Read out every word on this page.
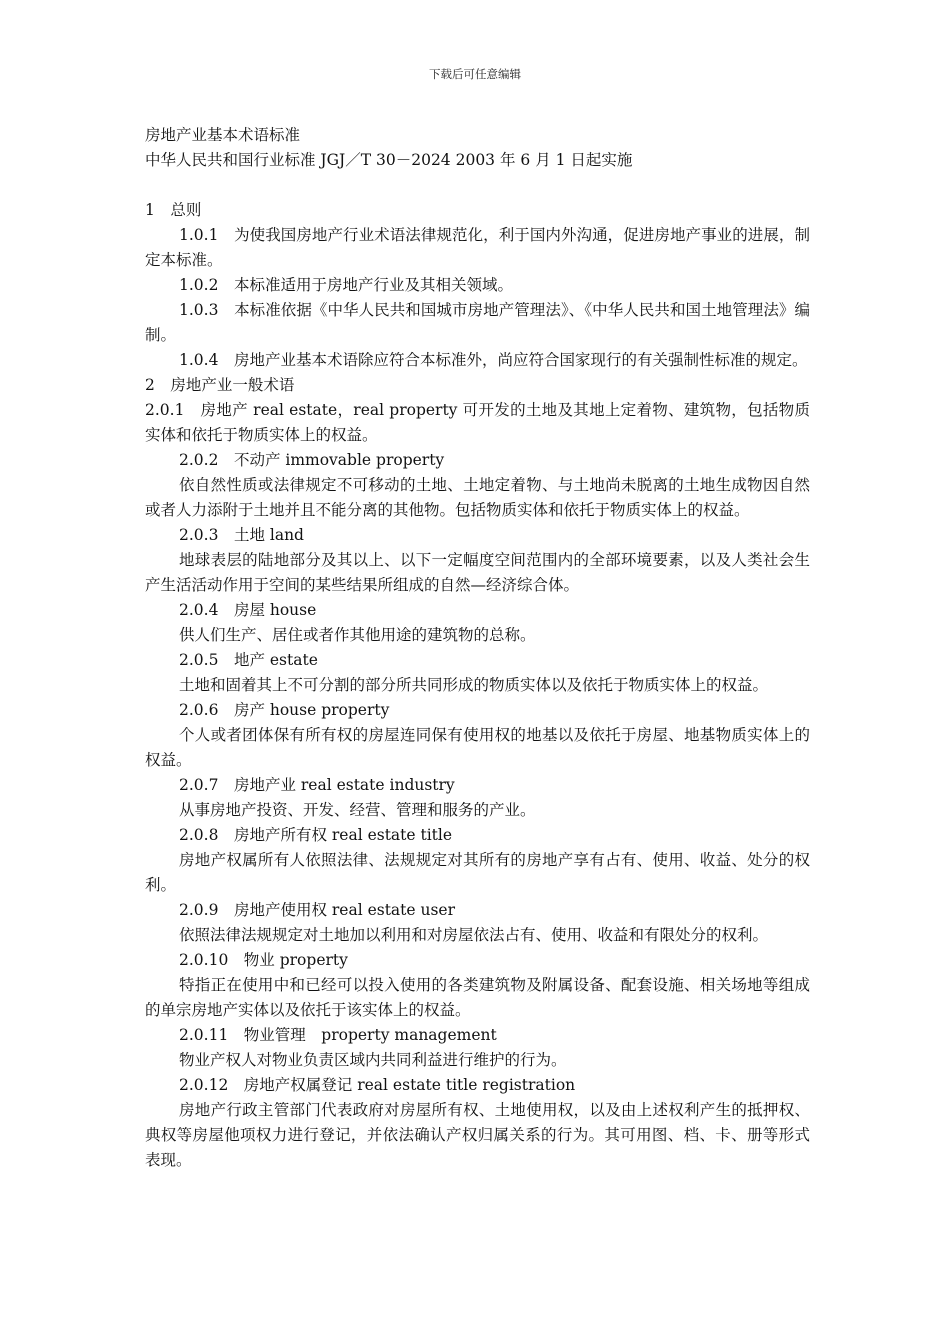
下载后可任意编辑

房地产业基本术语标准

中华人民共和国行业标准 JGJ／T 30－2024 2003 年 6 月 1 日起实施

1　总则

1.0.1　为使我国房地产行业术语法律规范化，利于国内外沟通，促进房地产事业的进展，制定本标准。

1.0.2　本标准适用于房地产行业及其相关领域。

1.0.3　本标准依据《中华人民共和国城市房地产管理法》、《中华人民共和国土地管理法》编制。

1.0.4　房地产业基本术语除应符合本标准外，尚应符合国家现行的有关强制性标准的规定。

2　房地产业一般术语

2.0.1　房地产 real estate，real property 可开发的土地及其地上定着物、建筑物，包括物质实体和依托于物质实体上的权益。

2.0.2　不动产 immovable property

依自然性质或法律规定不可移动的土地、土地定着物、与土地尚未脱离的土地生成物因自然或者人力添附于土地并且不能分离的其他物。包括物质实体和依托于物质实体上的权益。

2.0.3　土地 land

地球表层的陆地部分及其以上、以下一定幅度空间范围内的全部环境要素，以及人类社会生产生活活动作用于空间的某些结果所组成的自然—经济综合体。

2.0.4　房屋 house

供人们生产、居住或者作其他用途的建筑物的总称。

2.0.5　地产 estate

土地和固着其上不可分割的部分所共同形成的物质实体以及依托于物质实体上的权益。

2.0.6　房产 house property

个人或者团体保有所有权的房屋连同保有使用权的地基以及依托于房屋、地基物质实体上的权益。

2.0.7　房地产业 real estate industry

从事房地产投资、开发、经营、管理和服务的产业。

2.0.8　房地产所有权 real estate title

房地产权属所有人依照法律、法规规定对其所有的房地产享有占有、使用、收益、处分的权利。

2.0.9　房地产使用权 real estate user

依照法律法规规定对土地加以利用和对房屋依法占有、使用、收益和有限处分的权利。

2.0.10　物业 property

特指正在使用中和已经可以投入使用的各类建筑物及附属设备、配套设施、相关场地等组成的单宗房地产实体以及依托于该实体上的权益。

2.0.11　物业管理　property management

物业产权人对物业负责区域内共同利益进行维护的行为。

2.0.12　房地产权属登记 real estate title registration

房地产行政主管部门代表政府对房屋所有权、土地使用权，以及由上述权利产生的抵押权、典权等房屋他项权力进行登记，并依法确认产权归属关系的行为。其可用图、档、卡、册等形式表现。
